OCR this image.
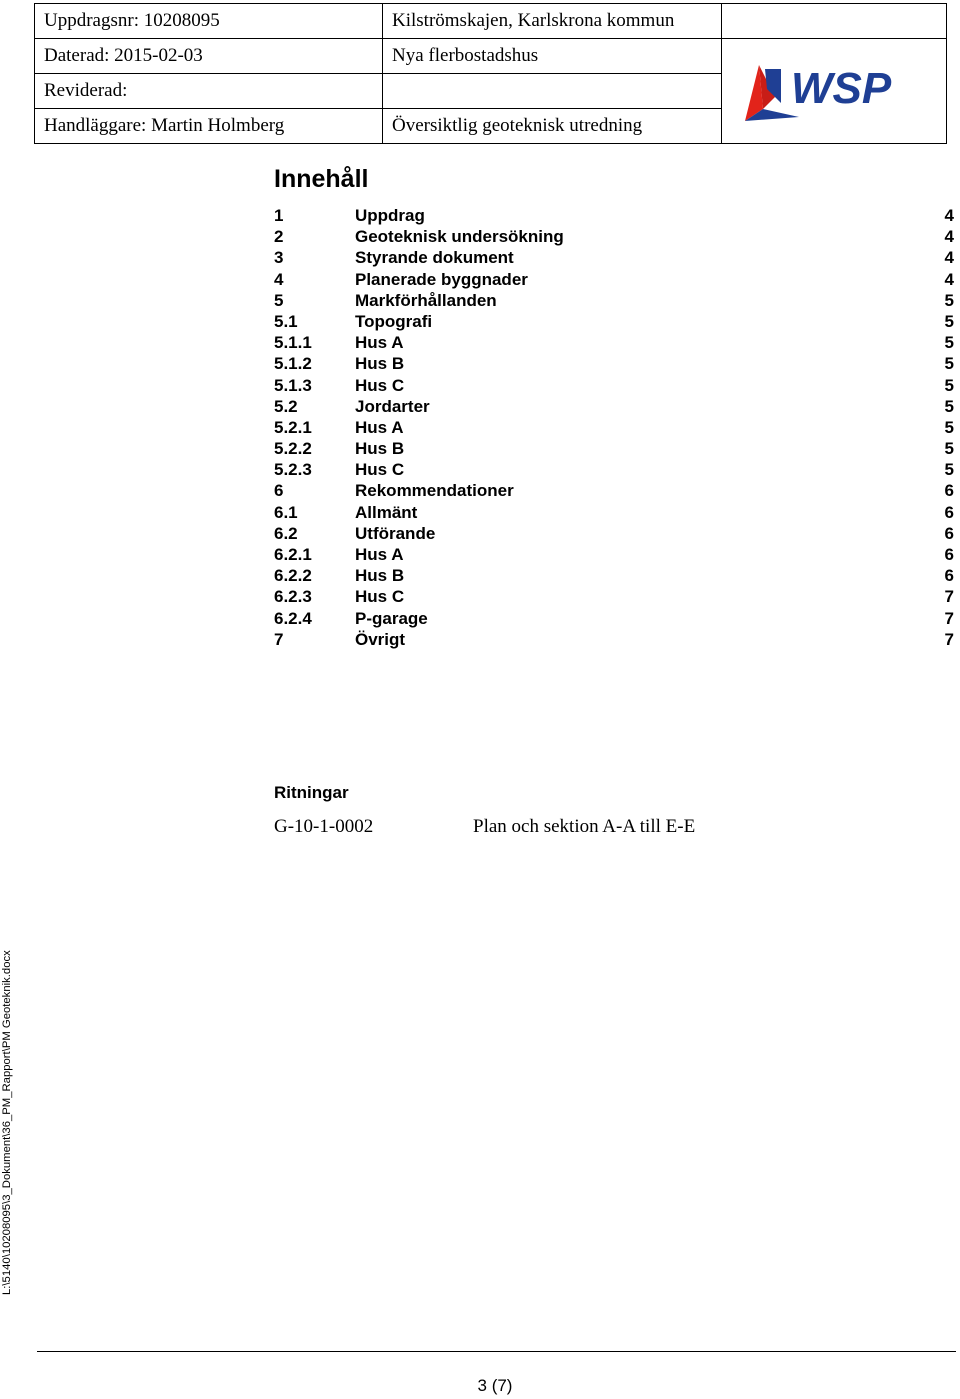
Uppdragsnr: 10208095	Kilströmskajen, Karlskrona kommun	
Daterad: 2015-02-03	Nya flerbostadshus	WSP

Reviderad:		
Handläggare: Martin Holmberg	Översiktlig geoteknisk utredning	
Innehåll
1	Uppdrag	4
2	Geoteknisk undersökning	4
3	Styrande dokument	4
4	Planerade byggnader	4
5	Markförhållanden	5
5.1	Topografi	5
5.1.1	Hus A	5
5.1.2	Hus B	5
5.1.3	Hus C	5
5.2	Jordarter	5
5.2.1	Hus A	5
5.2.2	Hus B	5
5.2.3	Hus C	5
6	Rekommendationer	6
6.1	Allmänt	6
6.2	Utförande	6
6.2.1	Hus A	6
6.2.2	Hus B	6
6.2.3	Hus C	7
6.2.4	P-garage	7
7	Övrigt	7
Ritningar
G-10-1-0002	Plan och sektion A-A till E-E
L:\5140\10208095\3_Dokument\36_PM_Rapport\PM Geoteknik.docx
3 (7)
